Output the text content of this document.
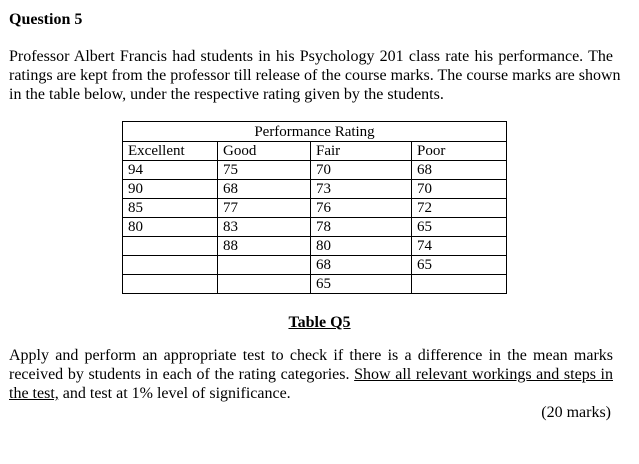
Question 5
Professor Albert Francis had students in his Psychology 201 class rate his performance. The
ratings are kept from the professor till release of the course marks. The course marks are shown
in the table below, under the respective rating given by the students.
Performance Rating			
Excellent	Good	Fair	Poor
94	75	70	68
90	68	73	70
85	77	76	72
80	83	78	65
	88	80	74
		68	65
		65	
Table Q5
Apply and perform an appropriate test to check if there is a difference in the mean marks
received by students in each of the rating categories. Show all relevant workings and steps in
the test, and test at 1% level of significance.
(20 marks)
